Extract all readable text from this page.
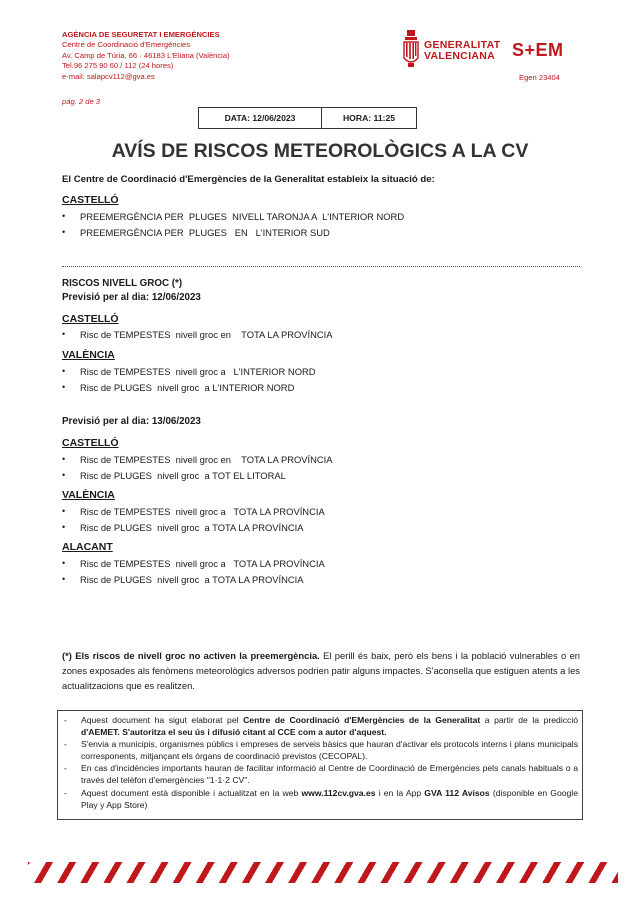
AGÈNCIA DE SEGURETAT I EMERGÈNCIES
Centre de Coordinació d'Emergències
Av. Camp de Túria, 66 · 46183 L'Eliana (València)
Tel.96 275 90 60 / 112 (24 hores)
e-mail: salapcv112@gva.es
GENERALITAT
VALENCIANA S+EM
Egen 23404
pág. 2 de 3
DATA: 12/06/2023	HORA: 11:25
AVÍS DE RISCOS METEOROLÒGICS A LA CV
El Centre de Coordinació d'Emergències de la Generalitat estableix la situació de:
CASTELLÓ
• PREEMERGÈNCIA PER  PLUGES  NIVELL TARONJA A  L'INTERIOR NORD
• PREEMERGÈNCIA PER  PLUGES   EN   L'INTERIOR SUD
RISCOS NIVELL GROC (*)
Previsió per al dia: 12/06/2023
CASTELLÓ
• Risc de TEMPESTES  nivell groc en    TOTA LA PROVÍNCIA
VALÈNCIA
• Risc de TEMPESTES  nivell groc a   L'INTERIOR NORD
• Risc de PLUGES  nivell groc  a L'INTERIOR NORD
Previsió per al dia: 13/06/2023
CASTELLÓ
• Risc de TEMPESTES  nivell groc en    TOTA LA PROVÍNCIA
• Risc de PLUGES  nivell groc  a TOT EL LITORAL
VALÈNCIA
• Risc de TEMPESTES  nivell groc a   TOTA LA PROVÍNCIA
• Risc de PLUGES  nivell groc  a TOTA LA PROVÍNCIA
ALACANT
• Risc de TEMPESTES  nivell groc a   TOTA LA PROVÍNCIA
• Risc de PLUGES  nivell groc  a TOTA LA PROVÍNCIA
(*) Els riscos de nivell groc no activen la preemergència. El perill és baix, però els bens i la població vulnerables o en zones exposades als fenòmens meteorològics adversos podrien patir alguns impactes. S'aconsella que estiguen atents a les actualitzacions que es realitzen.
- Aquest document ha sigut elaborat pel Centre de Coordinació d'EMergències de la Generalitat a partir de la predicció d'AEMET. S'autoritza el seu ús i difusió citant al CCE com a autor d'aquest.
- S'envia a municipis, organismes públics i empreses de serveis bàsics que hauran d'activar els protocols interns i plans municipals corresponents, mitjançant els òrgans de coordinació previstos (CECOPAL).
- En cas d'incidències importants hauran de facilitar informació al Centre de Coordinació de Emergències pels canals habituals o a través del telèfon d'emergències "1·1·2 CV".
- Aquest document està disponible i actualitzat en la web www.112cv.gva.es i en la App GVA 112 Avisos (disponible en Google Play y App Store)
